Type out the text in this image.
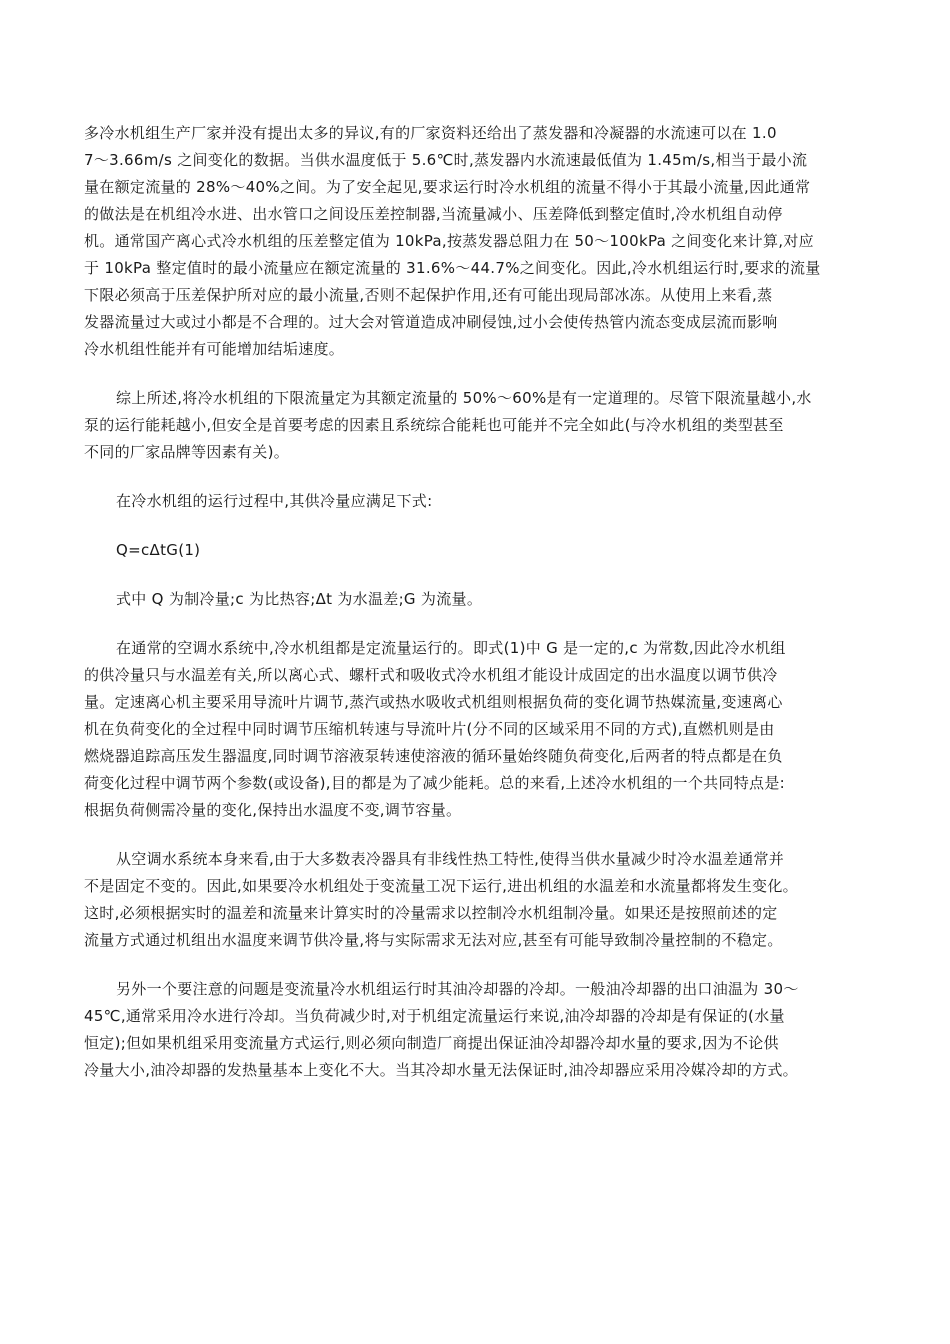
多冷水机组生产厂家并没有提出太多的异议,有的厂家资料还给出了蒸发器和冷凝器的水流速可以在 1.0
7～3.66m/s 之间变化的数据。当供水温度低于 5.6℃时,蒸发器内水流速最低值为 1.45m/s,相当于最小流
量在额定流量的 28%～40%之间。为了安全起见,要求运行时冷水机组的流量不得小于其最小流量,因此通常
的做法是在机组冷水进、出水管口之间设压差控制器,当流量减小、压差降低到整定值时,冷水机组自动停
机。通常国产离心式冷水机组的压差整定值为 10kPa,按蒸发器总阻力在 50～100kPa 之间变化来计算,对应
于 10kPa 整定值时的最小流量应在额定流量的 31.6%～44.7%之间变化。因此,冷水机组运行时,要求的流量
下限必须高于压差保护所对应的最小流量,否则不起保护作用,还有可能出现局部冰冻。从使用上来看,蒸
发器流量过大或过小都是不合理的。过大会对管道造成冲刷侵蚀,过小会使传热管内流态变成层流而影响
冷水机组性能并有可能增加结垢速度。

综上所述,将冷水机组的下限流量定为其额定流量的 50%～60%是有一定道理的。尽管下限流量越小,水
泵的运行能耗越小,但安全是首要考虑的因素且系统综合能耗也可能并不完全如此(与冷水机组的类型甚至
不同的厂家品牌等因素有关)。

在冷水机组的运行过程中,其供冷量应满足下式:

Q=cΔtG(1)

式中 Q 为制冷量;c 为比热容;Δt 为水温差;G 为流量。

在通常的空调水系统中,冷水机组都是定流量运行的。即式(1)中 G 是一定的,c 为常数,因此冷水机组
的供冷量只与水温差有关,所以离心式、螺杆式和吸收式冷水机组才能设计成固定的出水温度以调节供冷
量。定速离心机主要采用导流叶片调节,蒸汽或热水吸收式机组则根据负荷的变化调节热媒流量,变速离心
机在负荷变化的全过程中同时调节压缩机转速与导流叶片(分不同的区域采用不同的方式),直燃机则是由
燃烧器追踪高压发生器温度,同时调节溶液泵转速使溶液的循环量始终随负荷变化,后两者的特点都是在负
荷变化过程中调节两个参数(或设备),目的都是为了减少能耗。总的来看,上述冷水机组的一个共同特点是:
根据负荷侧需冷量的变化,保持出水温度不变,调节容量。

从空调水系统本身来看,由于大多数表冷器具有非线性热工特性,使得当供水量减少时冷水温差通常并
不是固定不变的。因此,如果要冷水机组处于变流量工况下运行,进出机组的水温差和水流量都将发生变化。
这时,必须根据实时的温差和流量来计算实时的冷量需求以控制冷水机组制冷量。如果还是按照前述的定
流量方式通过机组出水温度来调节供冷量,将与实际需求无法对应,甚至有可能导致制冷量控制的不稳定。

另外一个要注意的问题是变流量冷水机组运行时其油冷却器的冷却。一般油冷却器的出口油温为 30～
45℃,通常采用冷水进行冷却。当负荷减少时,对于机组定流量运行来说,油冷却器的冷却是有保证的(水量
恒定);但如果机组采用变流量方式运行,则必须向制造厂商提出保证油冷却器冷却水量的要求,因为不论供
冷量大小,油冷却器的发热量基本上变化不大。当其冷却水量无法保证时,油冷却器应采用冷媒冷却的方式。
